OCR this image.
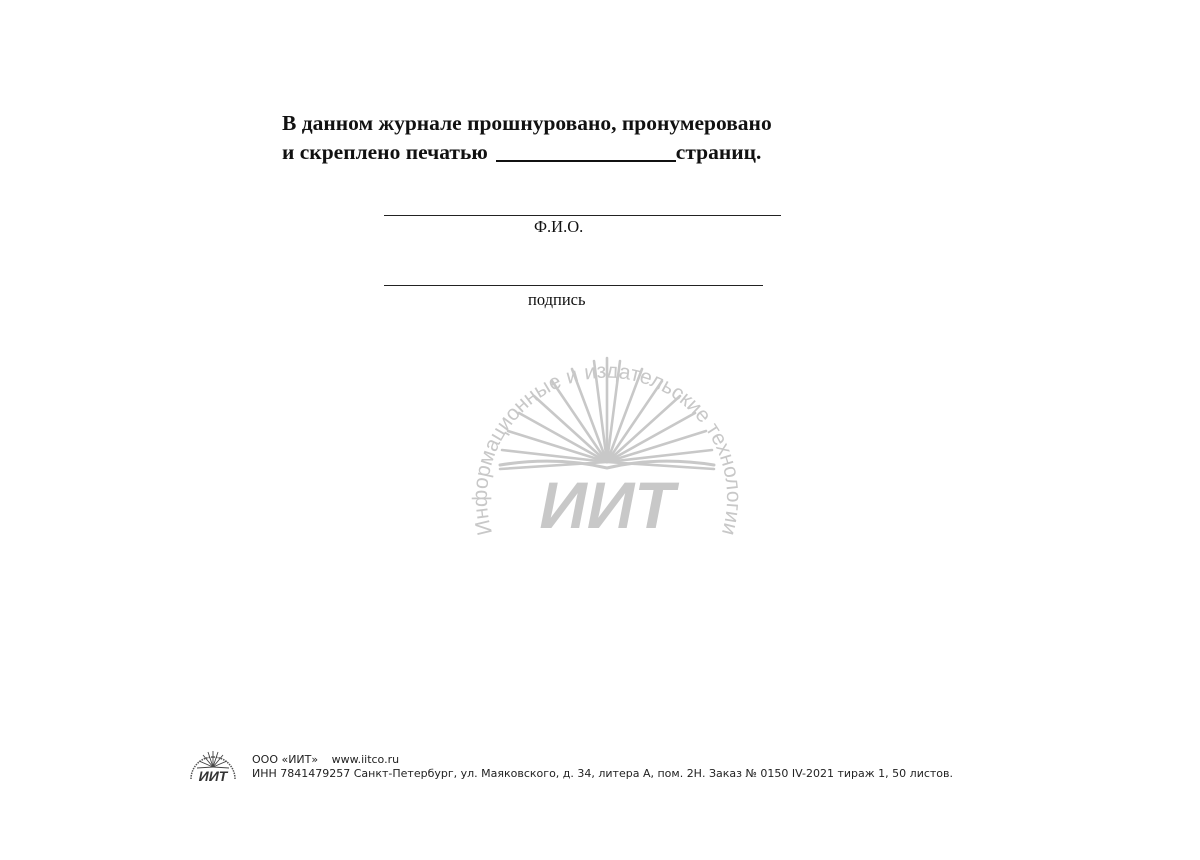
В данном журнале прошнуровано, пронумеровано
и скреплено печатью	страниц.
Ф.И.О.
подпись
Информационные и издательские технологии
ИИТ
ИИТ
ООО «ИИТ» www.iitco.ru
ИНН 7841479257 Санкт-Петербург, ул. Маяковского, д. 34, литера А, пом. 2Н. Заказ № 0150 IV-2021 тираж 1, 50 листов.
